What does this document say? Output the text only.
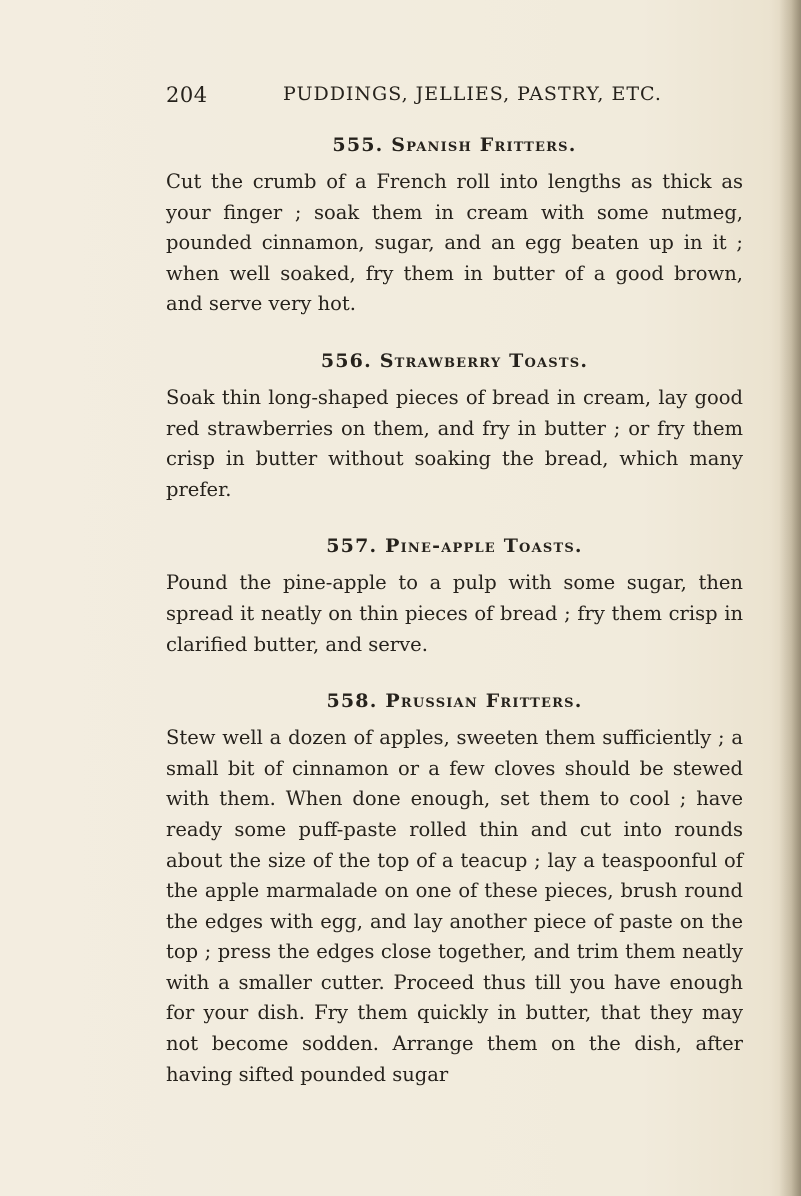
204	PUDDINGS, JELLIES, PASTRY, ETC.
555. Spanish Fritters.

Cut the crumb of a French roll into lengths as thick as your finger ; soak them in cream with some nutmeg, pounded cinnamon, sugar, and an egg beaten up in it ; when well soaked, fry them in butter of a good brown, and serve very hot.

556. Strawberry Toasts.

Soak thin long-shaped pieces of bread in cream, lay good red strawberries on them, and fry in butter ; or fry them crisp in butter without soaking the bread, which many prefer.

557. Pine-apple Toasts.

Pound the pine-apple to a pulp with some sugar, then spread it neatly on thin pieces of bread ; fry them crisp in clarified butter, and serve.

558. Prussian Fritters.

Stew well a dozen of apples, sweeten them sufficiently ; a small bit of cinnamon or a few cloves should be stewed with them. When done enough, set them to cool ; have ready some puff-paste rolled thin and cut into rounds about the size of the top of a teacup ; lay a teaspoonful of the apple marmalade on one of these pieces, brush round the edges with egg, and lay another piece of paste on the top ; press the edges close together, and trim them neatly with a smaller cutter. Proceed thus till you have enough for your dish. Fry them quickly in butter, that they may not become sodden. Arrange them on the dish, after having sifted pounded sugar
